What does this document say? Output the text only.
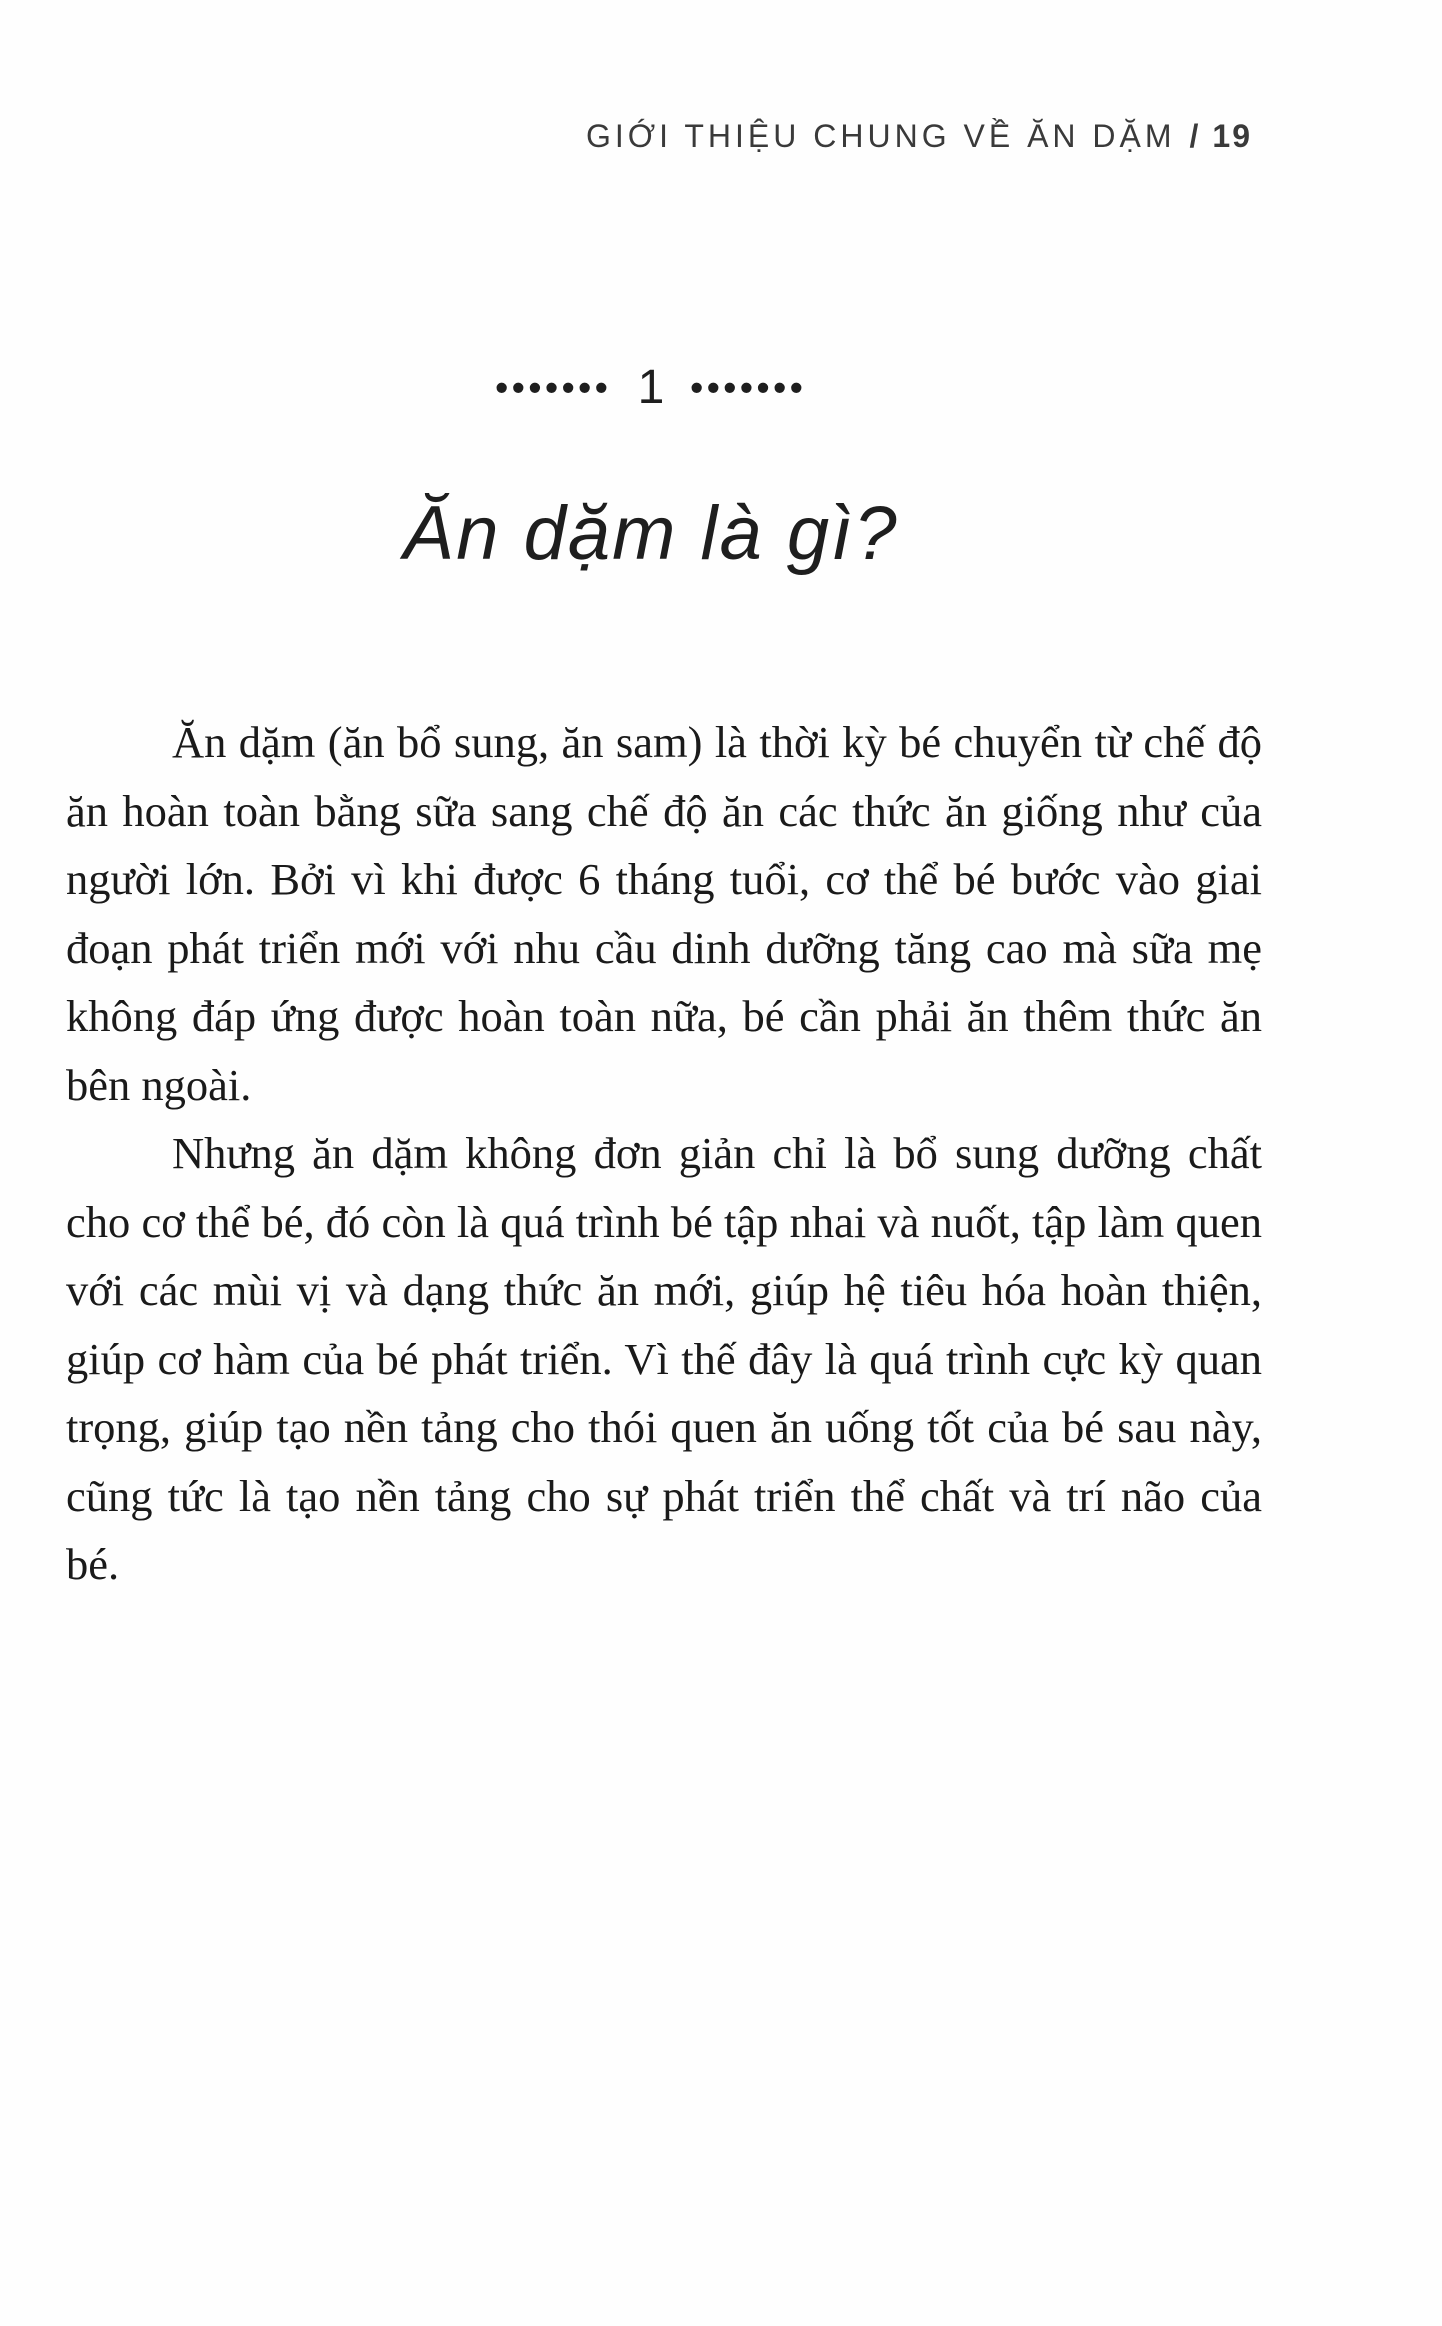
GIỚI THIỆU CHUNG VỀ ĂN DẶM / 19
••••••• 1 •••••••
Ăn dặm là gì?

Ăn dặm (ăn bổ sung, ăn sam) là thời kỳ bé chuyển từ chế độ ăn hoàn toàn bằng sữa sang chế độ ăn các thức ăn giống như của người lớn. Bởi vì khi được 6 tháng tuổi, cơ thể bé bước vào giai đoạn phát triển mới với nhu cầu dinh dưỡng tăng cao mà sữa mẹ không đáp ứng được hoàn toàn nữa, bé cần phải ăn thêm thức ăn bên ngoài.

Nhưng ăn dặm không đơn giản chỉ là bổ sung dưỡng chất cho cơ thể bé, đó còn là quá trình bé tập nhai và nuốt, tập làm quen với các mùi vị và dạng thức ăn mới, giúp hệ tiêu hóa hoàn thiện, giúp cơ hàm của bé phát triển. Vì thế đây là quá trình cực kỳ quan trọng, giúp tạo nền tảng cho thói quen ăn uống tốt của bé sau này, cũng tức là tạo nền tảng cho sự phát triển thể chất và trí não của bé.
